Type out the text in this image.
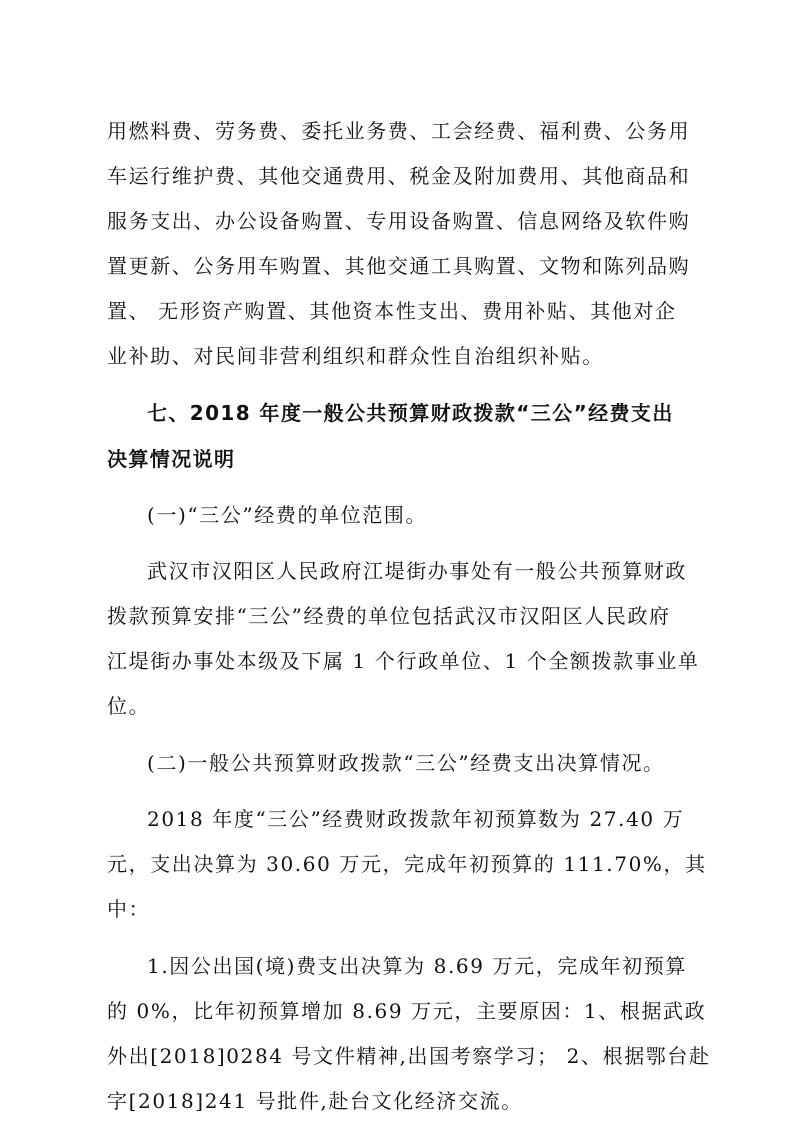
用燃料费、劳务费、委托业务费、工会经费、福利费、公务用
车运行维护费、其他交通费用、税金及附加费用、其他商品和
服务支出、办公设备购置、专用设备购置、信息网络及软件购
置更新、公务用车购置、其他交通工具购置、文物和陈列品购
置、 无形资产购置、其他资本性支出、费用补贴、其他对企
业补助、对民间非营利组织和群众性自治组织补贴。
七、2018 年度一般公共预算财政拨款“三公”经费支出
决算情况说明
(一)“三公”经费的单位范围。
武汉市汉阳区人民政府江堤街办事处有一般公共预算财政
拨款预算安排“三公”经费的单位包括武汉市汉阳区人民政府
江堤街办事处本级及下属 1 个行政单位、1 个全额拨款事业单
位。
(二)一般公共预算财政拨款“三公”经费支出决算情况。
2018 年度“三公”经费财政拨款年初预算数为 27.40 万
元，支出决算为 30.60 万元，完成年初预算的 111.70%，其
中：
1.因公出国(境)费支出决算为 8.69 万元，完成年初预算
的 0%，比年初预算增加 8.69 万元，主要原因：1、根据武政
外出[2018]0284 号文件精神,出国考察学习； 2、根据鄂台赴
字[2018]241 号批件,赴台文化经济交流。
